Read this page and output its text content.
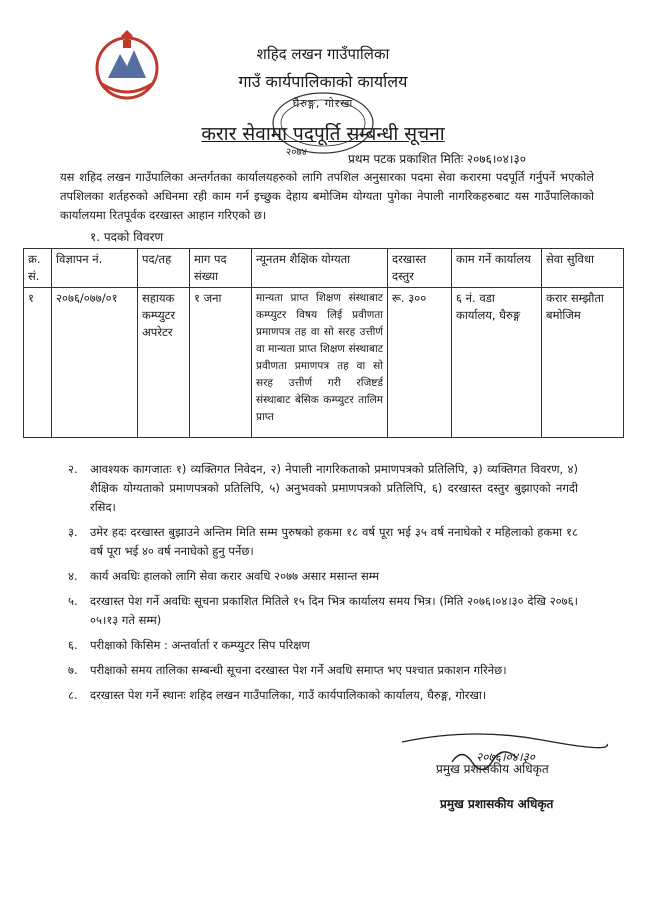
शहिद लखन गाउँपालिका
गाउँ कार्यपालिकाको कार्यालय
घैरुङ्ग, गोरखा
२०७४
करार सेवामा पदपूर्ति सम्बन्धी सूचना
प्रथम पटक प्रकाशित मितिः २०७६।०४।३०
यस शहिद लखन गाउँपालिका अन्तर्गतका कार्यालयहरुको लागि तपशिल अनुसारका पदमा सेवा करारमा पदपूर्ति गर्नुपर्ने भएकोले तपशिलका शर्तहरुको अधिनमा रही काम गर्न इच्छुक देहाय बमोजिम योग्यता पुगेका नेपाली नागरिकहरुबाट यस गाउँपालिकाको कार्यालयमा रितपूर्वक दरखास्त आहान गरिएको छ।
१. पदको विवरण
क्र. सं.	विज्ञापन नं.	पद/तह	माग पद संख्या	न्यूनतम शैक्षिक योग्यता	दरखास्त दस्तुर	काम गर्ने कार्यालय	सेवा सुविधा
१	२०७६/०७७/०१	सहायक कम्प्युटर अपरेटर	१ जना	मान्यता प्राप्त शिक्षण संस्थाबाट कम्प्युटर विषय लिई प्रवीणता प्रमाणपत्र तह वा सो सरह उत्तीर्ण वा मान्यता प्राप्त शिक्षण संस्थाबाट प्रवीणता प्रमाणपत्र तह वा सो सरह उत्तीर्ण गरी रजिष्टर्ड संस्थाबाट बेसिक कम्प्युटर तालिम प्राप्त	रू. ३००	६ नं. वडा कार्यालय, घैरुङ्ग	करार सम्झौता बमोजिम
२.	आवश्यक कागजातः १) व्यक्तिगत निवेदन, २) नेपाली नागरिकताको प्रमाणपत्रको प्रतिलिपि, ३) व्यक्तिगत विवरण, ४) शैक्षिक योग्यताको प्रमाणपत्रको प्रतिलिपि, ५) अनुभवको प्रमाणपत्रको प्रतिलिपि, ६) दरखास्त दस्तुर बुझाएको नगदी रसिद।
३.	उमेर हदः दरखास्त बुझाउने अन्तिम मिति सम्म पुरुषको हकमा १८ वर्ष पूरा भई ३५ वर्ष ननाघेको र महिलाको हकमा १८ वर्ष पूरा भई ४० वर्ष ननाघेको हुनु पर्नेछ।
४.	कार्य अवधिः हालको लागि सेवा करार अवधि २०७७ असार मसान्त सम्म
५.	दरखास्त पेश गर्ने अवधिः सूचना प्रकाशित मितिले १५ दिन भित्र कार्यालय समय भित्र। (मिति २०७६।०४।३० देखि २०७६।०५।१३ गते सम्म)
६.	परीक्षाको किसिम : अन्तर्वार्ता र कम्प्युटर सिप परिक्षण
७.	परीक्षाको समय तालिका सम्बन्धी सूचना दरखास्त पेश गर्ने अवधि समाप्त भए पश्चात प्रकाशन गरिनेछ।
८.	दरखास्त पेश गर्ने स्थानः शहिद लखन गाउँपालिका, गाउँ कार्यपालिकाको कार्यालय, घैरुङ्ग, गोरखा।
२०७६।०४।३०
प्रमुख प्रशासकीय अधिकृत
प्रमुख प्रशासकीय अधिकृत
